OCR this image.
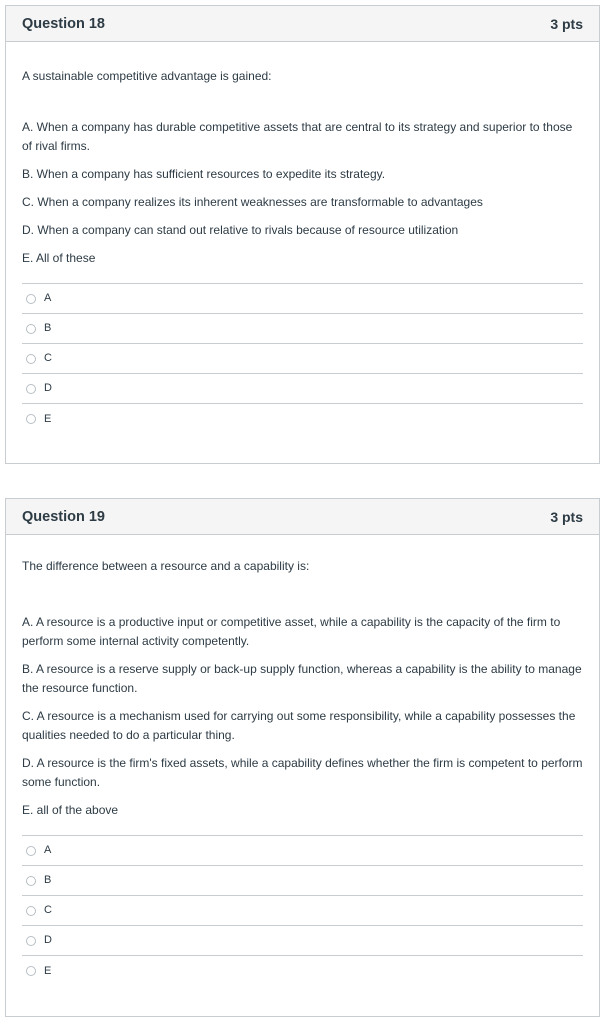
Question 18	3 pts

A sustainable competitive advantage is gained:

A. When a company has durable competitive assets that are central to its strategy and superior to those of rival firms.

B. When a company has sufficient resources to expedite its strategy.

C. When a company realizes its inherent weaknesses are transformable to advantages

D. When a company can stand out relative to rivals because of resource utilization

E. All of these

A
B
C
D
E
Question 19	3 pts

The difference between a resource and a capability is:

A. A resource is a productive input or competitive asset, while a capability is the capacity of the firm to perform some internal activity competently.

B. A resource is a reserve supply or back-up supply function, whereas a capability is the ability to manage the resource function.

C. A resource is a mechanism used for carrying out some responsibility, while a capability possesses the qualities needed to do a particular thing.

D. A resource is the firm's fixed assets, while a capability defines whether the firm is competent to perform some function.

E. all of the above

A
B
C
D
E
